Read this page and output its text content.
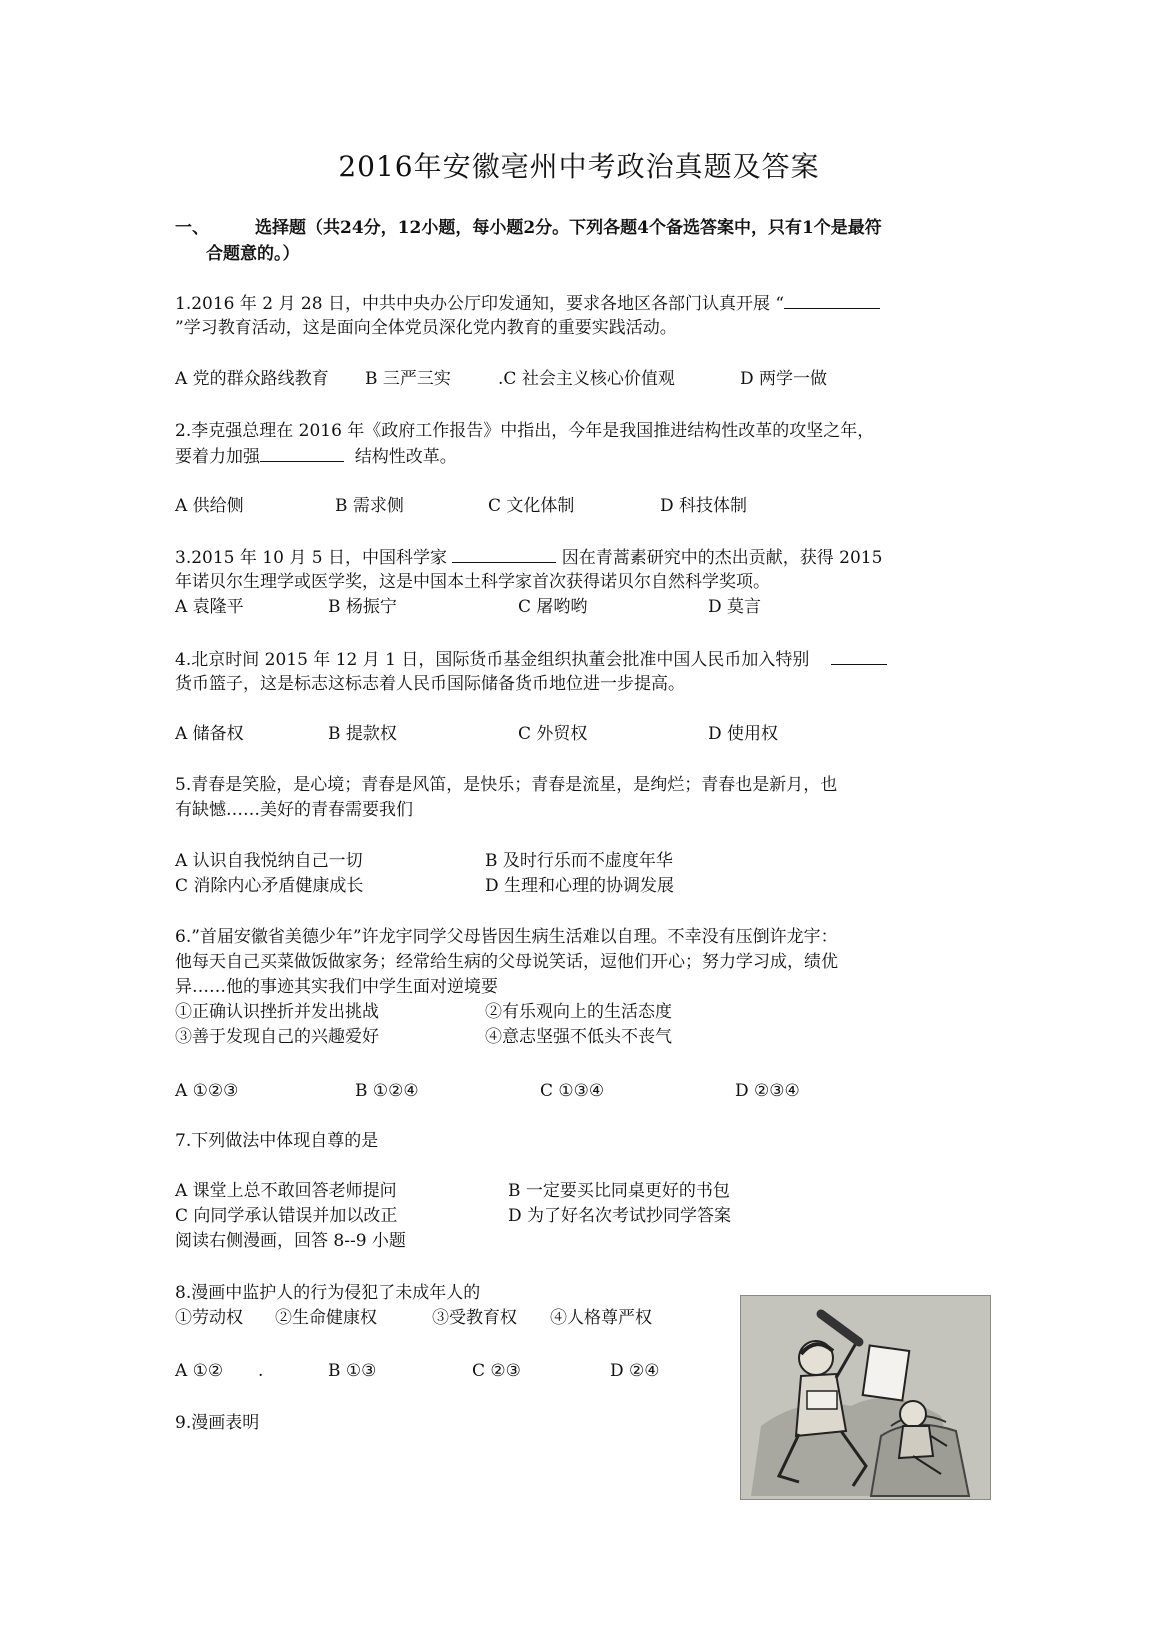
2016年安徽亳州中考政治真题及答案
一、	选择题（共24分，12小题，每小题2分。下列各题4个备选答案中，只有1个是最符
合题意的。）
1.2016 年 2 月 28 日，中共中央办公厅印发通知，要求各地区各部门认真开展 “
”学习教育活动，这是面向全体党员深化党内教育的重要实践活动。
A 党的群众路线教育 B 三严三实	.C 社会主义核心价值观	D 两学一做
2.李克强总理在 2016 年《政府工作报告》中指出，今年是我国推进结构性改革的攻坚之年，
要着力加强	结构性改革。
A 供给侧	B 需求侧	C 文化体制	D 科技体制
3.2015 年 10 月 5 日，中国科学家	因在青蒿素研究中的杰出贡献，获得 2015
年诺贝尔生理学或医学奖，这是中国本土科学家首次获得诺贝尔自然科学奖项。
A 袁隆平	B 杨振宁	C 屠哟哟	D 莫言
4.北京时间 2015 年 12 月 1 日，国际货币基金组织执董会批准中国人民币加入特别
货币篮子，这是标志这标志着人民币国际储备货币地位进一步提高。
A 储备权	B 提款权	C 外贸权	D 使用权
5.青春是笑脸，是心境；青春是风笛，是快乐；青春是流星，是绚烂；青春也是新月，也
有缺憾……美好的青春需要我们
A 认识自我悦纳自己一切	B 及时行乐而不虚度年华
C 消除内心矛盾健康成长	D 生理和心理的协调发展
6.”首届安徽省美德少年”许龙宇同学父母皆因生病生活难以自理。不幸没有压倒许龙宇：
他每天自己买菜做饭做家务；经常给生病的父母说笑话，逗他们开心；努力学习成，绩优
异……他的事迹其实我们中学生面对逆境要
①正确认识挫折并发出挑战	②有乐观向上的生活态度
③善于发现自己的兴趣爱好	④意志坚强不低头不丧气
A ①②③	B ①②④	C ①③④	D ②③④
7.下列做法中体现自尊的是
A 课堂上总不敢回答老师提问	B 一定要买比同桌更好的书包
C 向同学承认错误并加以改正	D 为了好名次考试抄同学答案
阅读右侧漫画，回答 8--9 小题
8.漫画中监护人的行为侵犯了未成年人的
①劳动权 ②生命健康权	③受教育权 ④人格尊严权
A ①② .	B ①③	C ②③	D ②④
9.漫画表明
